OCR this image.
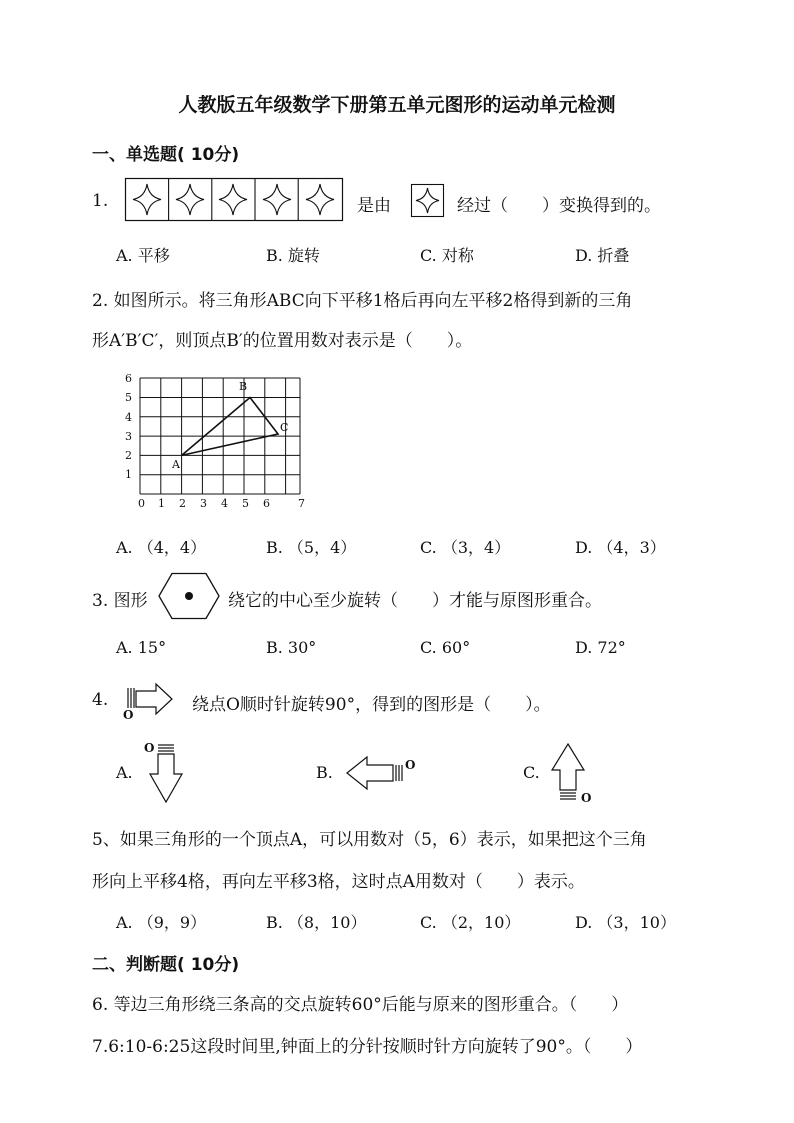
人教版五年级数学下册第五单元图形的运动单元检测
一、单选题( 10分)
1.	是由	经过（　　）变换得到的。
A. 平移	B. 旋转	C. 对称	D. 折叠
2. 如图所示。将三角形ABC向下平移1格后再向左平移2格得到新的三角
形A′B′C′，则顶点B′的位置用数对表示是（　　）。
0 1 2 3 4 5 6	7
1
2
3
4
5
6
A
B
C
A. （4，4）	B. （5，4）	C. （3，4）	D. （4，3）
3. 图形	绕它的中心至少旋转（　　）才能与原图形重合。
A. 15°	B. 30°	C. 60°	D. 72°
4.
O	绕点O顺时针旋转90°，得到的图形是（　　）。
A.
O
B.	O	C.
O
5、如果三角形的一个顶点A，可以用数对（5，6）表示，如果把这个三角
形向上平移4格，再向左平移3格，这时点A用数对（　　）表示。
A. （9，9）	B. （8，10）	C. （2，10）	D. （3，10）
二、判断题( 10分)
6. 等边三角形绕三条高的交点旋转60°后能与原来的图形重合。（　　）
7.6:10-6:25这段时间里,钟面上的分针按顺时针方向旋转了90°。（　　）
